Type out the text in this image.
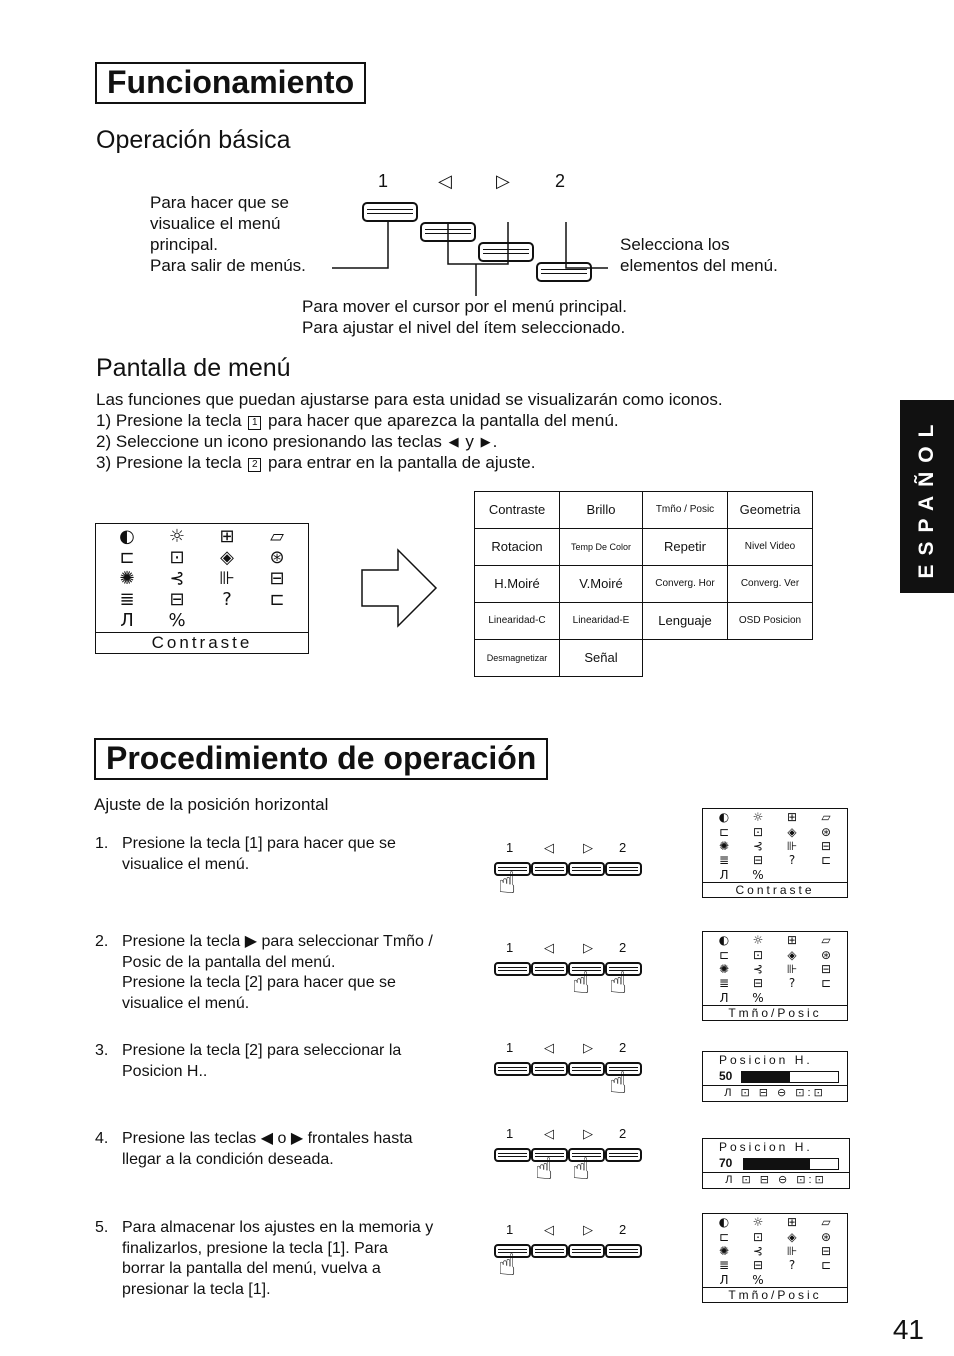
ESPAÑOL
Funcionamiento
Operación básica
1	◁ ▷	2
Para hacer que se
visualice el menú
principal.
Para salir de menús.
Selecciona los
elementos del menú.
Para mover el cursor por el menú principal.
Para ajustar el nivel del ítem seleccionado.
Pantalla de menú
Las funciones que puedan ajustarse para esta unidad se visualizarán como iconos.
1) Presione la tecla 1 para hacer que aparezca la pantalla del menú.
2) Seleccione un icono presionando las teclas ◀ y ▶ .
3) Presione la tecla 2 para entrar en la pantalla de ajuste.
◐ ☼ ⊞ ▱
⊏ ⊡ ◈ ⊛
✺ ⊰ ⊪ ⊟
≣ ⊟ ? ⊏
Л %
Contraste
Contraste	Brillo	Tmño / Posic	Geometria
Rotacion	Temp De Color	Repetir	Nivel Video
H.Moiré	V.Moiré	Converg. Hor	Converg. Ver
Linearidad-C	Linearidad-E	Lenguaje	OSD Posicion
Desmagnetizar	Señal		
Procedimiento de operación
Ajuste de la posición horizontal
1. Presione la tecla [1] para hacer que se
visualice el menú.
2. Presione la tecla ▶ para seleccionar Tmño /
Posic de la pantalla del menú.
Presione la tecla [2] para hacer que se
visualice el menú.
3. Presione la tecla [2] para seleccionar la
Posicion H..
4. Presione las teclas ◀ o ▶ frontales hasta
llegar a la condición deseada.
5. Para almacenar los ajustes en la memoria y
finalizarlos, presione la tecla [1]. Para
borrar la pantalla del menú, vuelva a
presionar la tecla [1].
1 ◁ ▷ 2
☝
1 ◁ ▷ 2
☝ ☝
1 ◁ ▷ 2
☝
1 ◁ ▷ 2
☝ ☝
1 ◁ ▷ 2
☝
◐ ☼ ⊞ ▱
⊏ ⊡ ◈ ⊛
✺ ⊰ ⊪ ⊟
≣ ⊟ ? ⊏
Л %
Contraste
◐ ☼ ⊞ ▱
⊏ ⊡ ◈ ⊛
✺ ⊰ ⊪ ⊟
≣ ⊟ ? ⊏
Л %
Tmño/Posic
Posicion H.
50
Л ⊡ ⊟ ⊖ ⊡:⊡
Posicion H.
70
Л ⊡ ⊟ ⊖ ⊡:⊡
◐ ☼ ⊞ ▱
⊏ ⊡ ◈ ⊛
✺ ⊰ ⊪ ⊟
≣ ⊟ ? ⊏
Л %
Tmño/Posic
41
